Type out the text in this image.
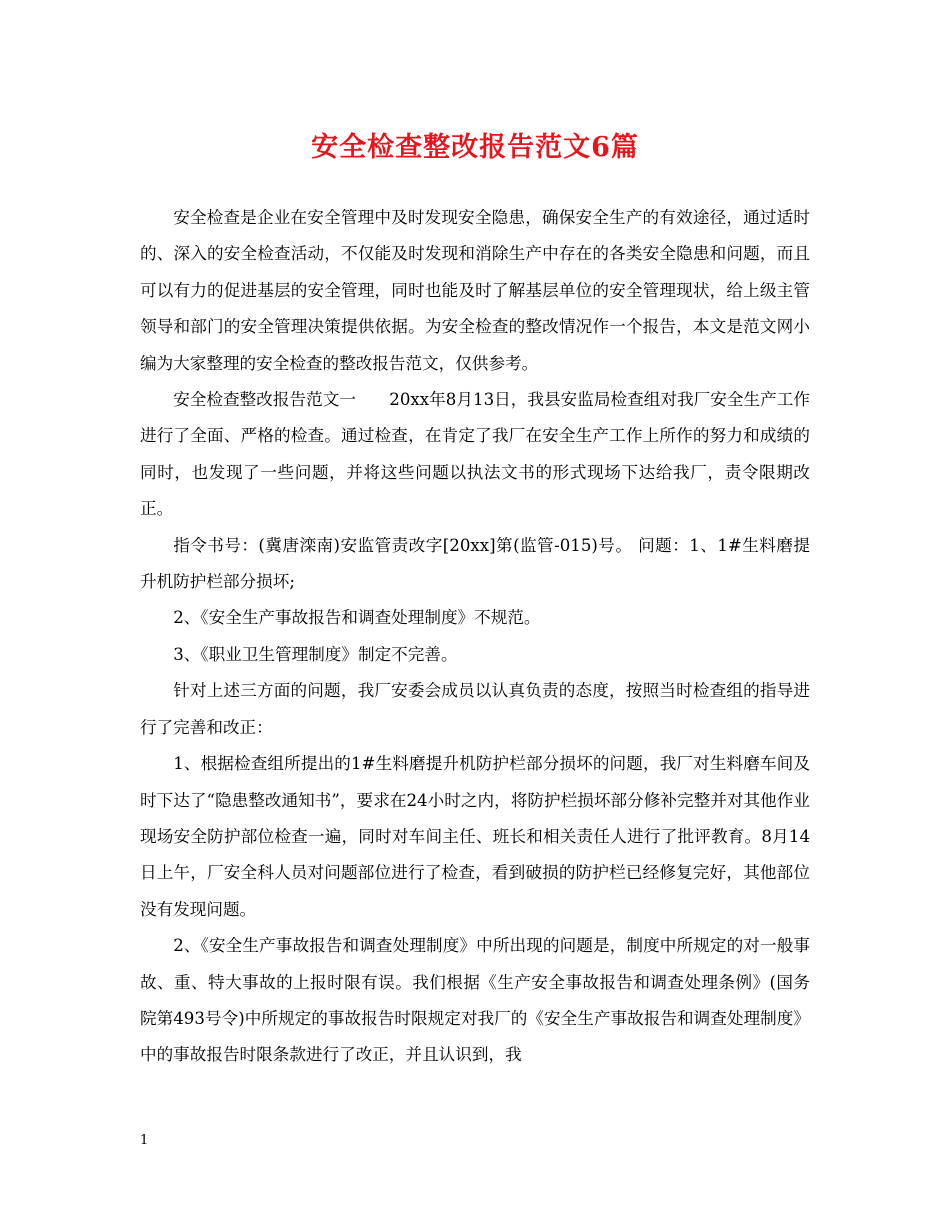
安全检查整改报告范文6篇

安全检查是企业在安全管理中及时发现安全隐患，确保安全生产的有效途径，通过适时的、深入的安全检查活动，不仅能及时发现和消除生产中存在的各类安全隐患和问题，而且可以有力的促进基层的安全管理，同时也能及时了解基层单位的安全管理现状，给上级主管领导和部门的安全管理决策提供依据。为安全检查的整改情况作一个报告，本文是范文网小编为大家整理的安全检查的整改报告范文，仅供参考。

安全检查整改报告范文一　　20xx年8月13日，我县安监局检查组对我厂安全生产工作进行了全面、严格的检查。通过检查，在肯定了我厂在安全生产工作上所作的努力和成绩的同时，也发现了一些问题，并将这些问题以执法文书的形式现场下达给我厂，责令限期改正。

指令书号：(冀唐滦南)安监管责改字[20xx]第(监管-015)号。 问题：1、1#生料磨提升机防护栏部分损坏;

2、《安全生产事故报告和调查处理制度》不规范。

3、《职业卫生管理制度》制定不完善。

针对上述三方面的问题，我厂安委会成员以认真负责的态度，按照当时检查组的指导进行了完善和改正：

1、根据检查组所提出的1#生料磨提升机防护栏部分损坏的问题，我厂对生料磨车间及时下达了“隐患整改通知书”，要求在24小时之内，将防护栏损坏部分修补完整并对其他作业现场安全防护部位检查一遍，同时对车间主任、班长和相关责任人进行了批评教育。8月14日上午，厂安全科人员对问题部位进行了检查，看到破损的防护栏已经修复完好，其他部位没有发现问题。

2、《安全生产事故报告和调查处理制度》中所出现的问题是，制度中所规定的对一般事故、重、特大事故的上报时限有误。我们根据《生产安全事故报告和调查处理条例》(国务院第493号令)中所规定的事故报告时限规定对我厂的《安全生产事故报告和调查处理制度》中的事故报告时限条款进行了改正，并且认识到，我

1
